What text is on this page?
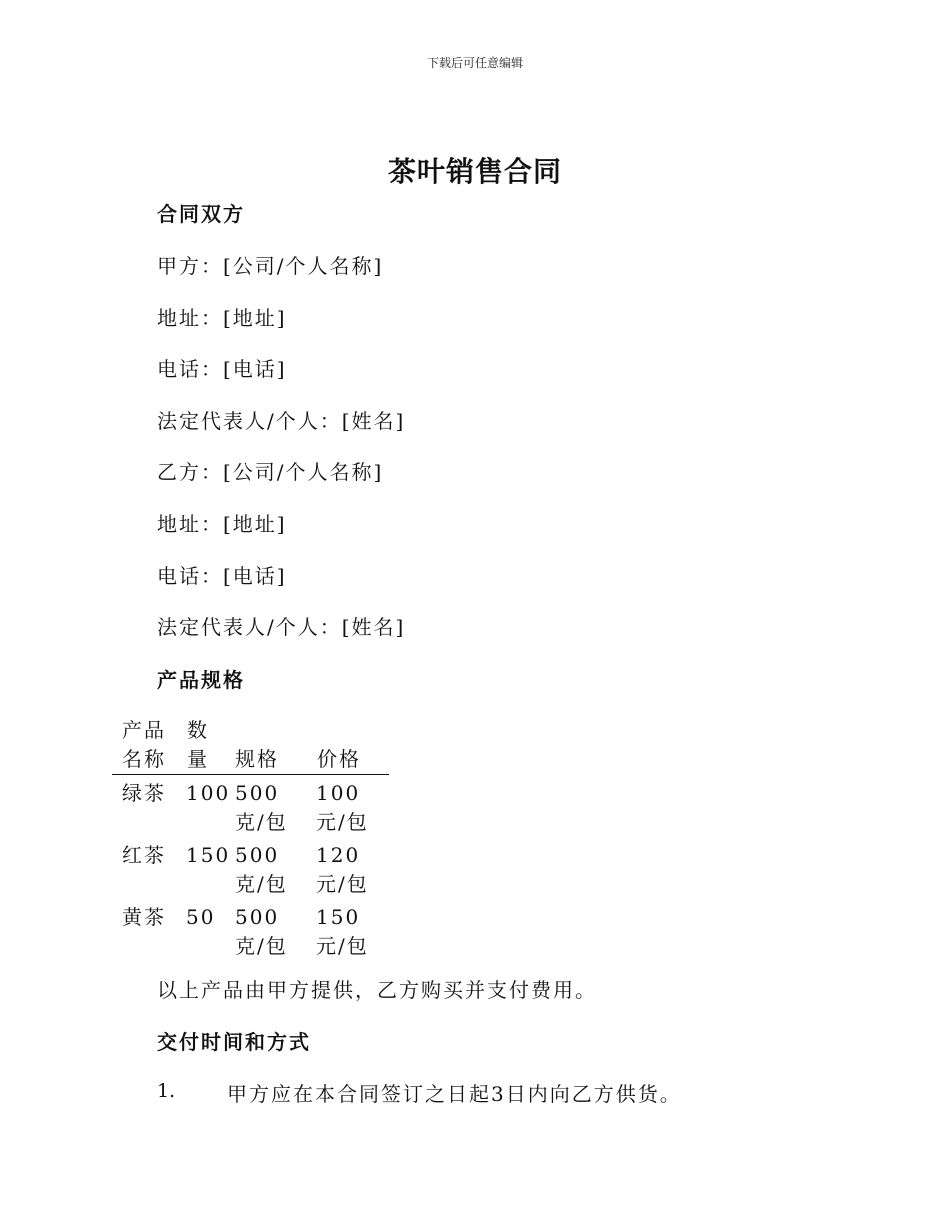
下载后可任意编辑
茶叶销售合同
合同双方
甲方：[公司/个人名称]
地址：[地址]
电话：[电话]
法定代表人/个人：[姓名]
乙方：[公司/个人名称]
地址：[地址]
电话：[电话]
法定代表人/个人：[姓名]
产品规格
产品
名称
数
量 规格 价格
绿茶 100 500
克/包
100
元/包
红茶 150 500
克/包
120
元/包
黄茶 50 500
克/包
150
元/包
以上产品由甲方提供，乙方购买并支付费用。
交付时间和方式
1.	甲方应在本合同签订之日起3日内向乙方供货。
